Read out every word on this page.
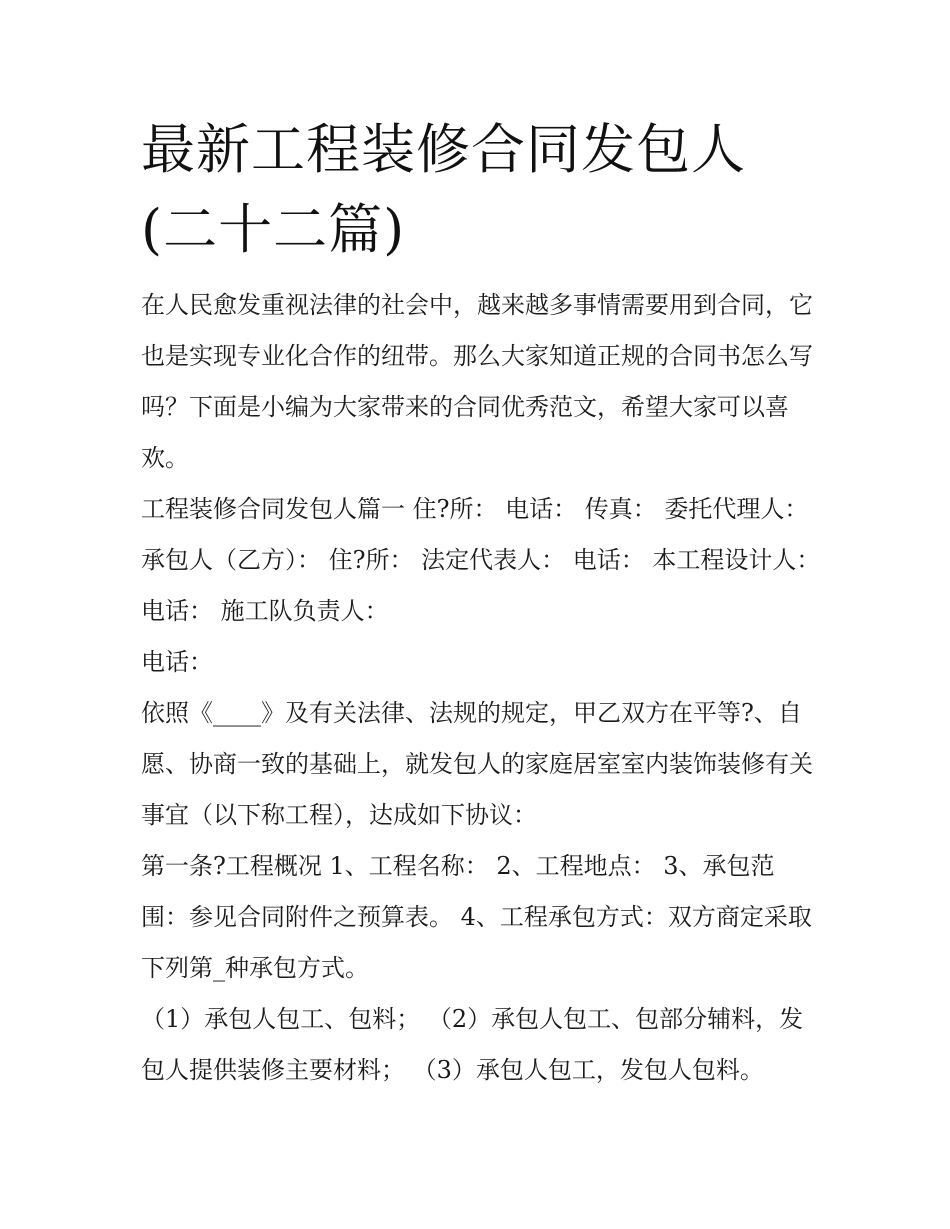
最新工程装修合同发包人(二十二篇)

在人民愈发重视法律的社会中，越来越多事情需要用到合同，它也是实现专业化合作的纽带。那么大家知道正规的合同书怎么写吗？下面是小编为大家带来的合同优秀范文，希望大家可以喜欢。

工程装修合同发包人篇一 住?所： 电话： 传真： 委托代理人： 承包人（乙方）： 住?所： 法定代表人： 电话： 本工程设计人： 电话： 施工队负责人：

电话：

依照《____》及有关法律、法规的规定，甲乙双方在平等?、自愿、协商一致的基础上，就发包人的家庭居室室内装饰装修有关事宜（以下称工程），达成如下协议：

第一条?工程概况 1、工程名称： 2、工程地点： 3、承包范围：参见合同附件之预算表。 4、工程承包方式：双方商定采取下列第_种承包方式。

（1）承包人包工、包料； （2）承包人包工、包部分辅料，发包人提供装修主要材料； （3）承包人包工，发包人包料。
